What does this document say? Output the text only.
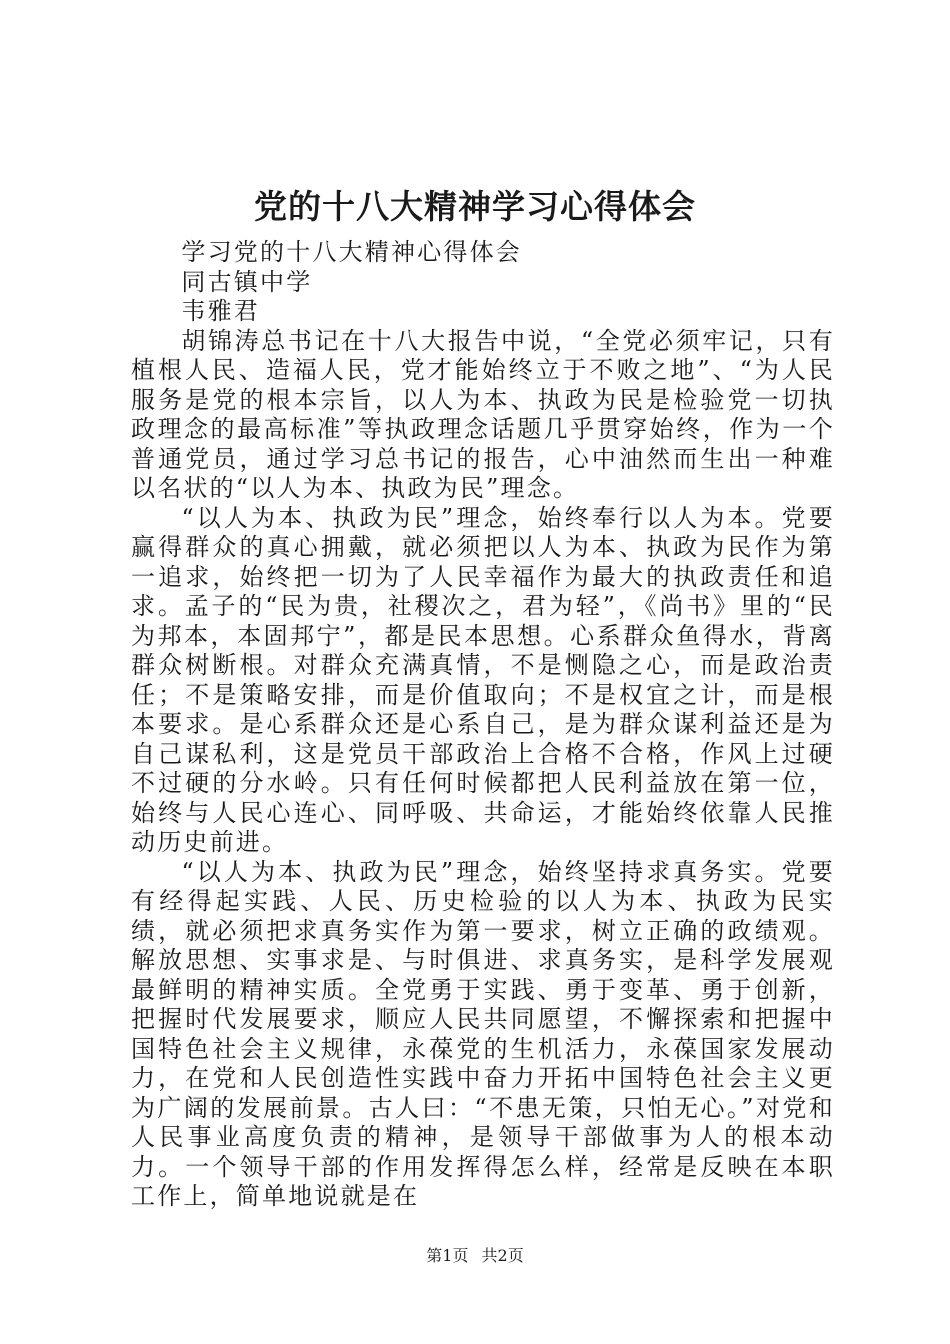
党的十八大精神学习心得体会

学习党的十八大精神心得体会

同古镇中学

韦雅君

胡锦涛总书记在十八大报告中说，“全党必须牢记，只有植根人民、造福人民，党才能始终立于不败之地”、“为人民服务是党的根本宗旨，以人为本、执政为民是检验党一切执政理念的最高标准”等执政理念话题几乎贯穿始终，作为一个普通党员，通过学习总书记的报告，心中油然而生出一种难以名状的“以人为本、执政为民”理念。

“以人为本、执政为民”理念，始终奉行以人为本。党要赢得群众的真心拥戴，就必须把以人为本、执政为民作为第一追求，始终把一切为了人民幸福作为最大的执政责任和追求。孟子的“民为贵，社稷次之，君为轻”，《尚书》里的“民为邦本，本固邦宁”，都是民本思想。心系群众鱼得水，背离群众树断根。对群众充满真情，不是恻隐之心，而是政治责任；不是策略安排，而是价值取向；不是权宜之计，而是根本要求。是心系群众还是心系自己，是为群众谋利益还是为自己谋私利，这是党员干部政治上合格不合格，作风上过硬不过硬的分水岭。只有任何时候都把人民利益放在第一位，始终与人民心连心、同呼吸、共命运，才能始终依靠人民推动历史前进。

“以人为本、执政为民”理念，始终坚持求真务实。党要有经得起实践、人民、历史检验的以人为本、执政为民实绩，就必须把求真务实作为第一要求，树立正确的政绩观。解放思想、实事求是、与时俱进、求真务实，是科学发展观最鲜明的精神实质。全党勇于实践、勇于变革、勇于创新，把握时代发展要求，顺应人民共同愿望，不懈探索和把握中国特色社会主义规律，永葆党的生机活力，永葆国家发展动力，在党和人民创造性实践中奋力开拓中国特色社会主义更为广阔的发展前景。古人曰：“不患无策，只怕无心。”对党和人民事业高度负责的精神，是领导干部做事为人的根本动力。一个领导干部的作用发挥得怎么样，经常是反映在本职工作上，简单地说就是在

第1页 共2页
